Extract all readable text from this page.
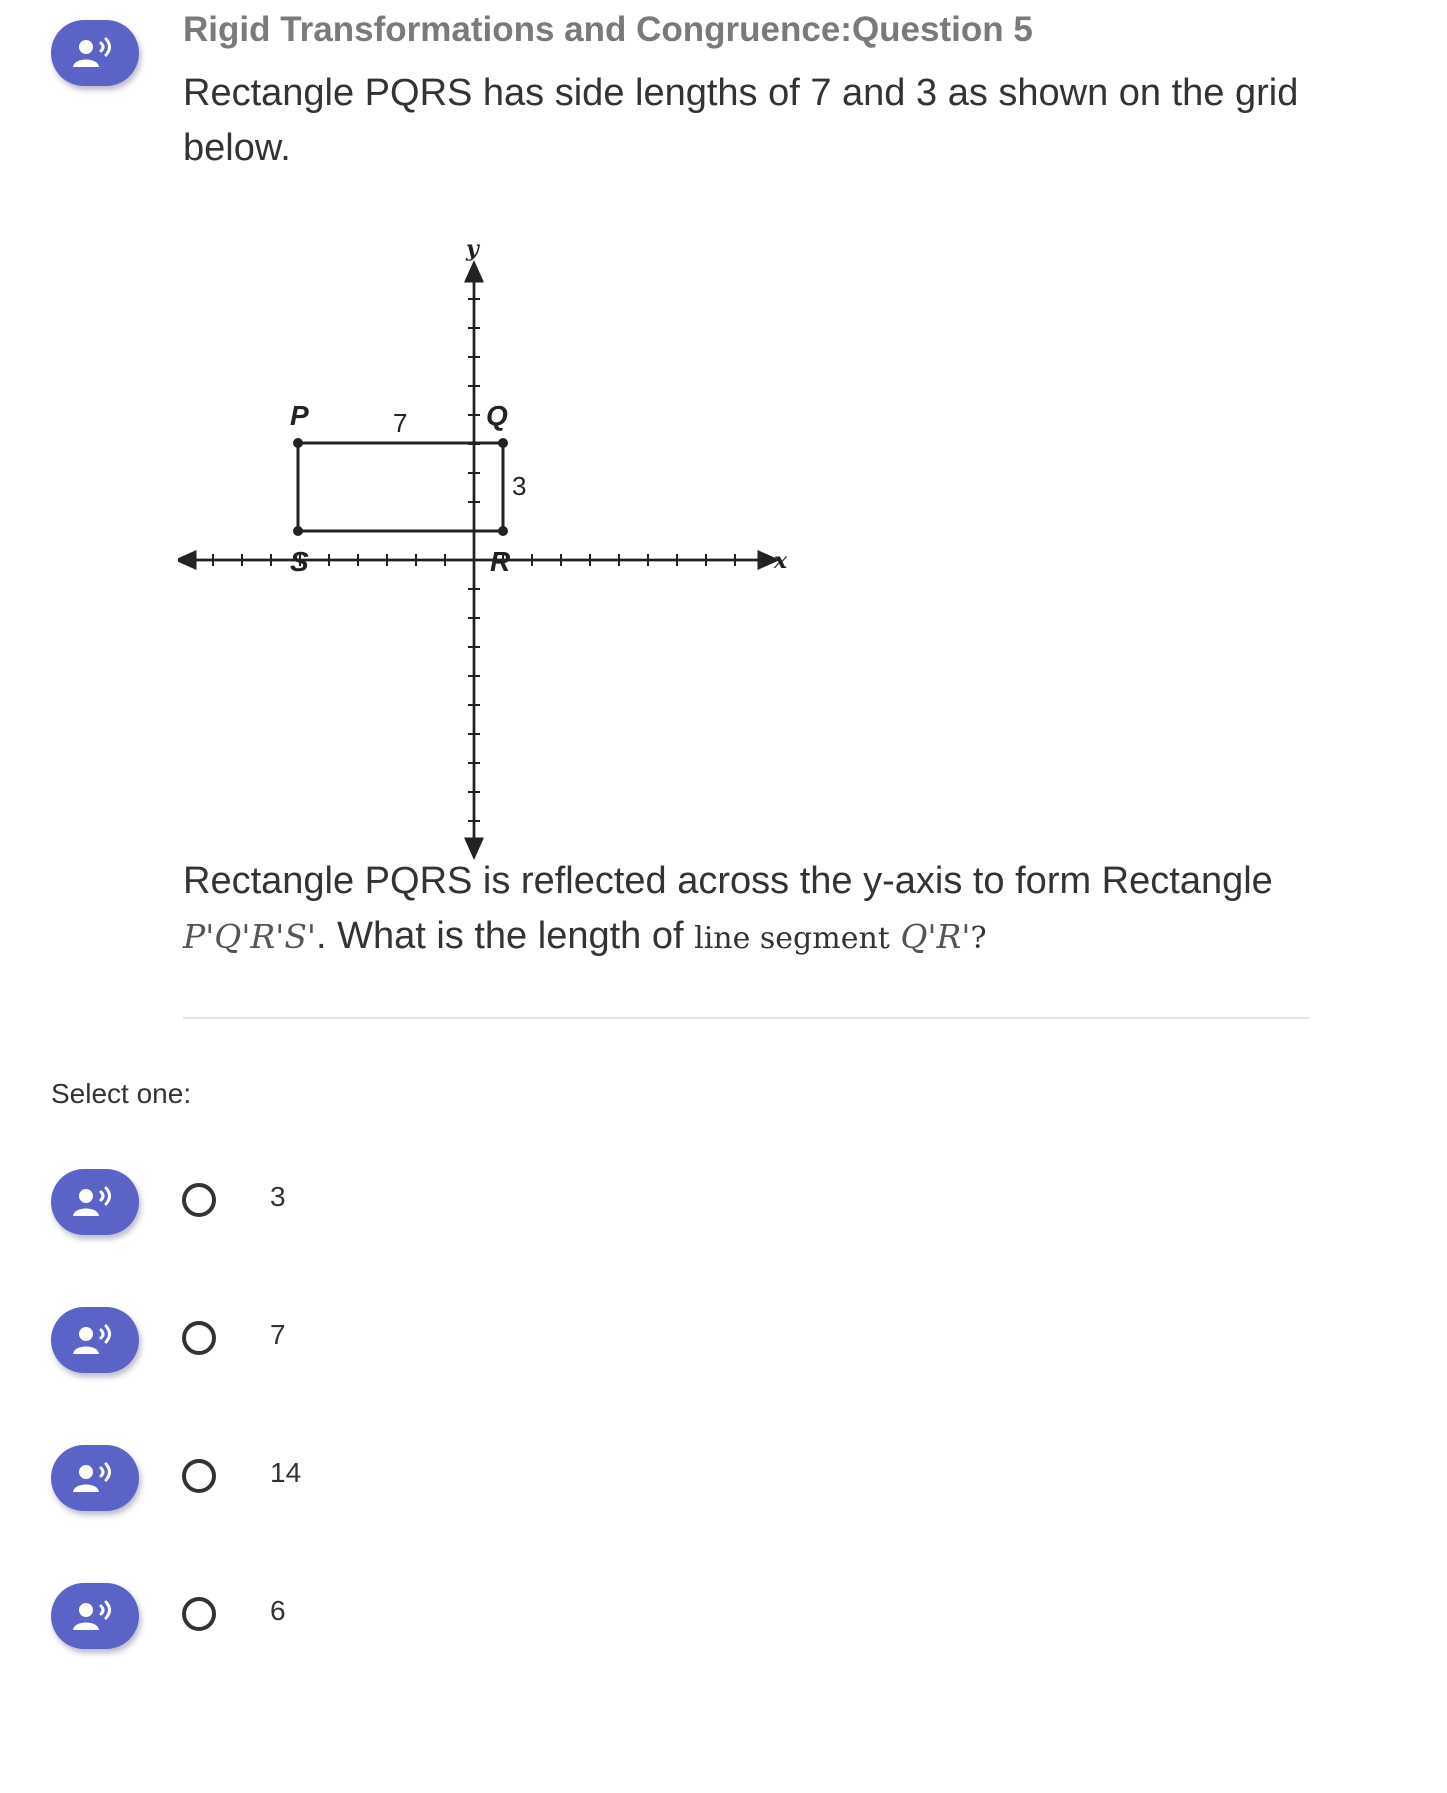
Rigid Transformations and Congruence:Question 5
Rectangle PQRS has side lengths of 7 and 3 as shown on the grid below.
P	Q
R
S
7
3
y
x
Rectangle PQRS is reflected across the y-axis to form Rectangle P'Q'R'S'. What is the length of line segment Q'R'?
Select one:
3
7
14
6
